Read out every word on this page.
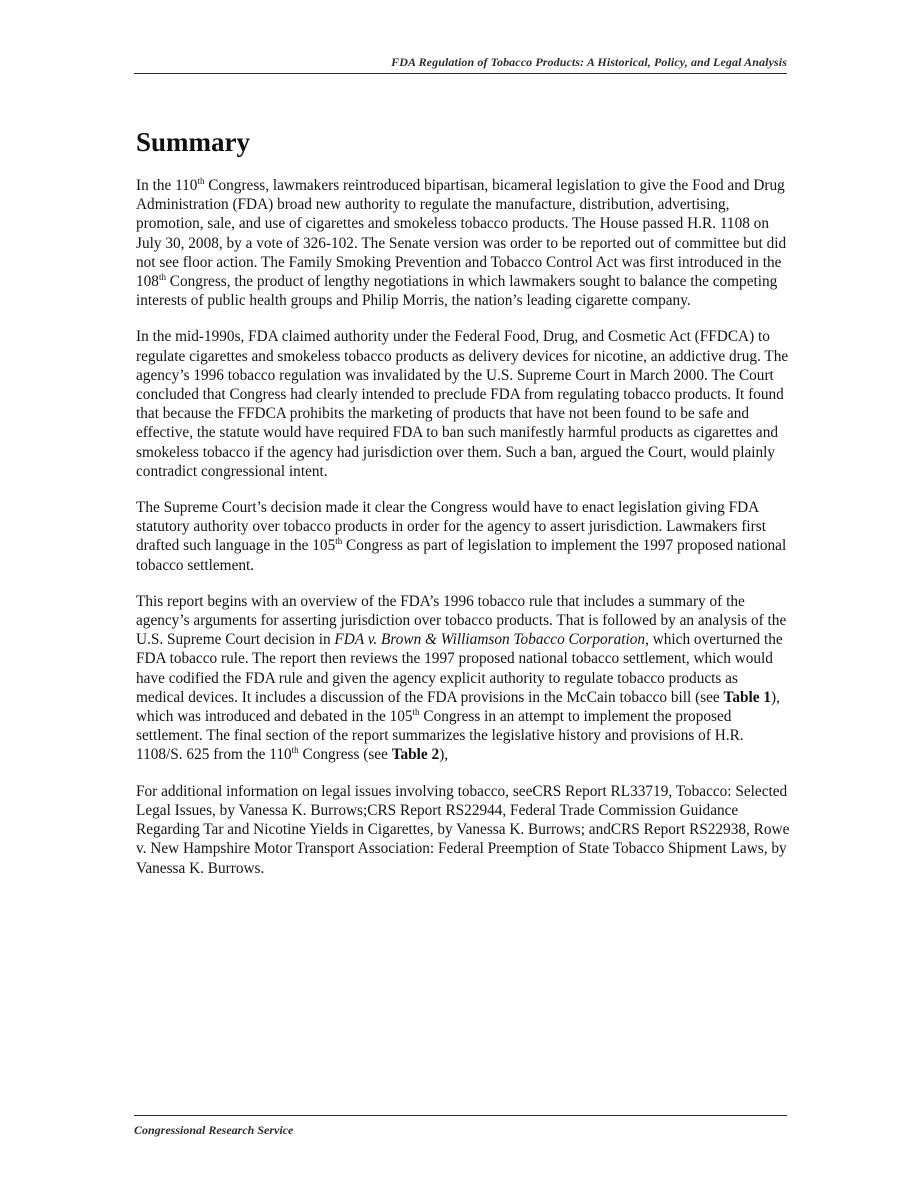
FDA Regulation of Tobacco Products: A Historical, Policy, and Legal Analysis
Summary

In the 110th Congress, lawmakers reintroduced bipartisan, bicameral legislation to give the Food and Drug Administration (FDA) broad new authority to regulate the manufacture, distribution, advertising, promotion, sale, and use of cigarettes and smokeless tobacco products. The House passed H.R. 1108 on July 30, 2008, by a vote of 326-102. The Senate version was order to be reported out of committee but did not see floor action. The Family Smoking Prevention and Tobacco Control Act was first introduced in the 108th Congress, the product of lengthy negotiations in which lawmakers sought to balance the competing interests of public health groups and Philip Morris, the nation’s leading cigarette company.

In the mid-1990s, FDA claimed authority under the Federal Food, Drug, and Cosmetic Act (FFDCA) to regulate cigarettes and smokeless tobacco products as delivery devices for nicotine, an addictive drug. The agency’s 1996 tobacco regulation was invalidated by the U.S. Supreme Court in March 2000. The Court concluded that Congress had clearly intended to preclude FDA from regulating tobacco products. It found that because the FFDCA prohibits the marketing of products that have not been found to be safe and effective, the statute would have required FDA to ban such manifestly harmful products as cigarettes and smokeless tobacco if the agency had jurisdiction over them. Such a ban, argued the Court, would plainly contradict congressional intent.

The Supreme Court’s decision made it clear the Congress would have to enact legislation giving FDA statutory authority over tobacco products in order for the agency to assert jurisdiction. Lawmakers first drafted such language in the 105th Congress as part of legislation to implement the 1997 proposed national tobacco settlement.

This report begins with an overview of the FDA’s 1996 tobacco rule that includes a summary of the agency’s arguments for asserting jurisdiction over tobacco products. That is followed by an analysis of the U.S. Supreme Court decision in FDA v. Brown & Williamson Tobacco Corporation, which overturned the FDA tobacco rule. The report then reviews the 1997 proposed national tobacco settlement, which would have codified the FDA rule and given the agency explicit authority to regulate tobacco products as medical devices. It includes a discussion of the FDA provisions in the McCain tobacco bill (see Table 1), which was introduced and debated in the 105th Congress in an attempt to implement the proposed settlement. The final section of the report summarizes the legislative history and provisions of H.R. 1108/S. 625 from the 110th Congress (see Table 2),

For additional information on legal issues involving tobacco, seeCRS Report RL33719, Tobacco: Selected Legal Issues, by Vanessa K. Burrows;CRS Report RS22944, Federal Trade Commission Guidance Regarding Tar and Nicotine Yields in Cigarettes, by Vanessa K. Burrows; andCRS Report RS22938, Rowe v. New Hampshire Motor Transport Association: Federal Preemption of State Tobacco Shipment Laws, by Vanessa K. Burrows.

Congressional Research Service
